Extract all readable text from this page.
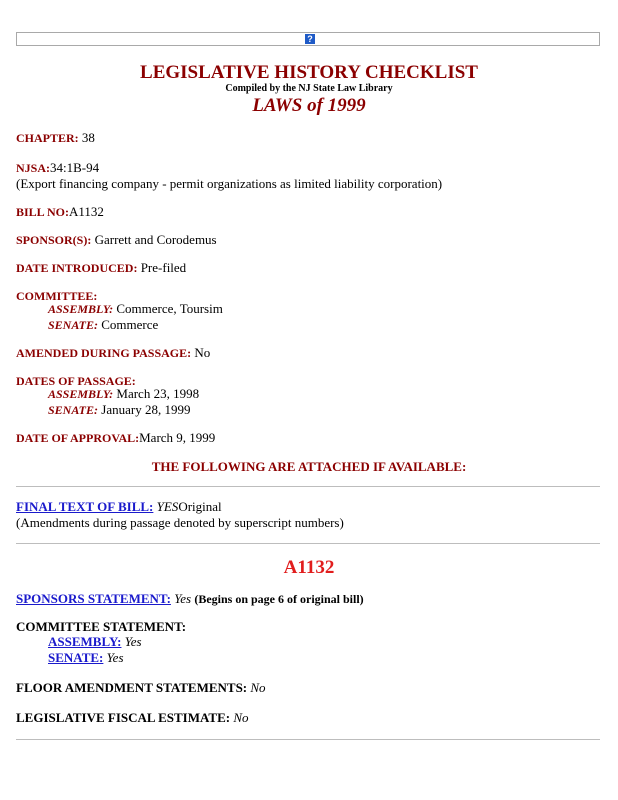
?
LEGISLATIVE HISTORY CHECKLIST
Compiled by the NJ State Law Library
LAWS of 1999
CHAPTER: 38
NJSA:34:1B-94
(Export financing company - permit organizations as limited liability corporation)
BILL NO:A1132
SPONSOR(S): Garrett and Corodemus
DATE INTRODUCED: Pre-filed
COMMITTEE:
ASSEMBLY: Commerce, Toursim
SENATE: Commerce
AMENDED DURING PASSAGE: No
DATES OF PASSAGE:
ASSEMBLY: March 23, 1998
SENATE: January 28, 1999
DATE OF APPROVAL:March 9, 1999
THE FOLLOWING ARE ATTACHED IF AVAILABLE:
FINAL TEXT OF BILL: YESOriginal
(Amendments during passage denoted by superscript numbers)
A1132
SPONSORS STATEMENT: Yes (Begins on page 6 of original bill)
COMMITTEE STATEMENT:
ASSEMBLY: Yes
SENATE: Yes
FLOOR AMENDMENT STATEMENTS: No
LEGISLATIVE FISCAL ESTIMATE: No
